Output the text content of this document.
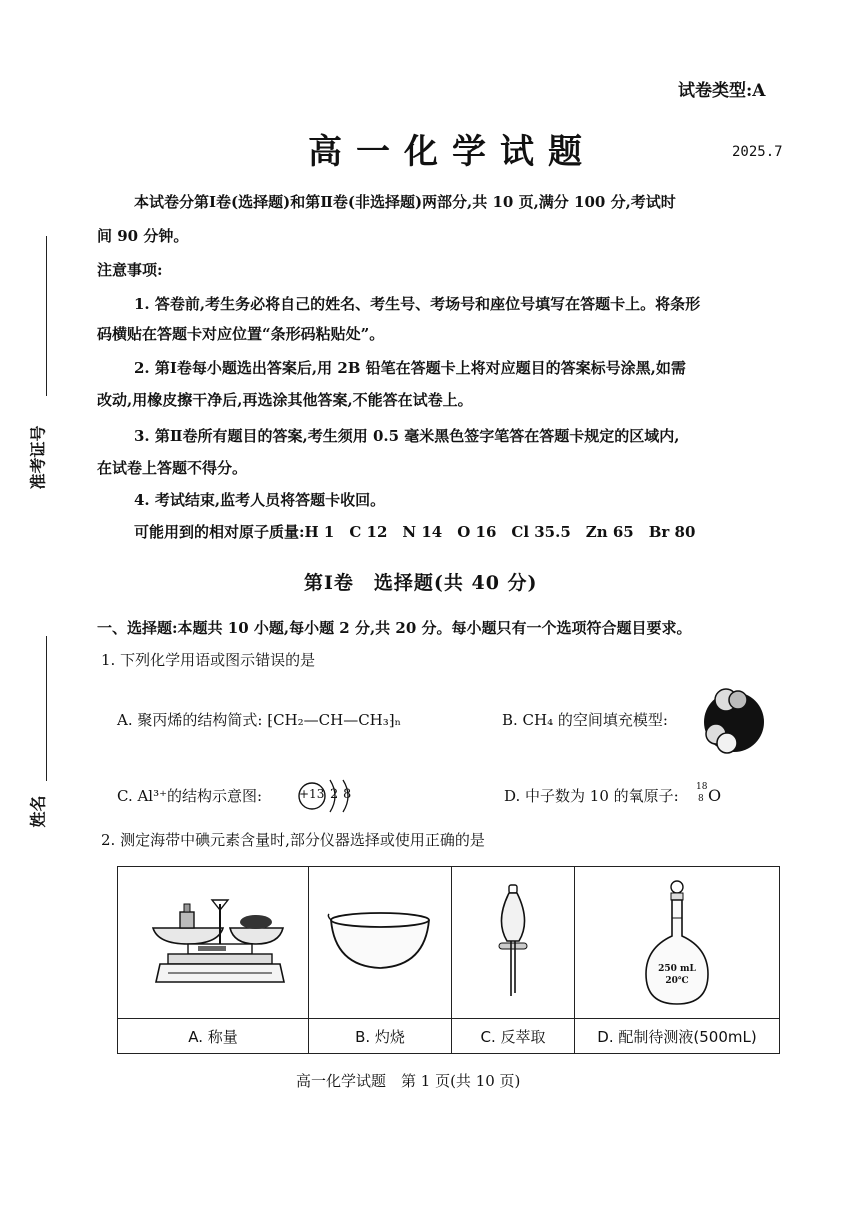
试卷类型:A
高一化学试题	2025.7
准考证号
姓名
本试卷分第Ⅰ卷(选择题)和第Ⅱ卷(非选择题)两部分,共 10 页,满分 100 分,考试时
间 90 分钟。
注意事项:
1. 答卷前,考生务必将自己的姓名、考生号、考场号和座位号填写在答题卡上。将条形
码横贴在答题卡对应位置“条形码粘贴处”。
2. 第Ⅰ卷每小题选出答案后,用 2B 铅笔在答题卡上将对应题目的答案标号涂黑,如需
改动,用橡皮擦干净后,再选涂其他答案,不能答在试卷上。
3. 第Ⅱ卷所有题目的答案,考生须用 0.5 毫米黑色签字笔答在答题卡规定的区域内,
在试卷上答题不得分。
4. 考试结束,监考人员将答题卡收回。
可能用到的相对原子质量:H 1　C 12　N 14　O 16　Cl 35.5　Zn 65　Br 80
第Ⅰ卷　选择题(共 40 分)
一、选择题:本题共 10 小题,每小题 2 分,共 20 分。每小题只有一个选项符合题目要求。
1. 下列化学用语或图示错误的是
A. 聚丙烯的结构简式: ⁅CH₂—CH—CH₃⁆ₙ	B. CH₄ 的空间填充模型:
C. Al³⁺的结构示意图:	+13 2 8	D. 中子数为 10 的氧原子: 18
8 O
2. 测定海带中碘元素含量时,部分仪器选择或使用正确的是

250 mL
20℃

A. 称量	B. 灼烧	C. 反萃取	D. 配制待测液(500mL)
高一化学试题　第 1 页(共 10 页)
